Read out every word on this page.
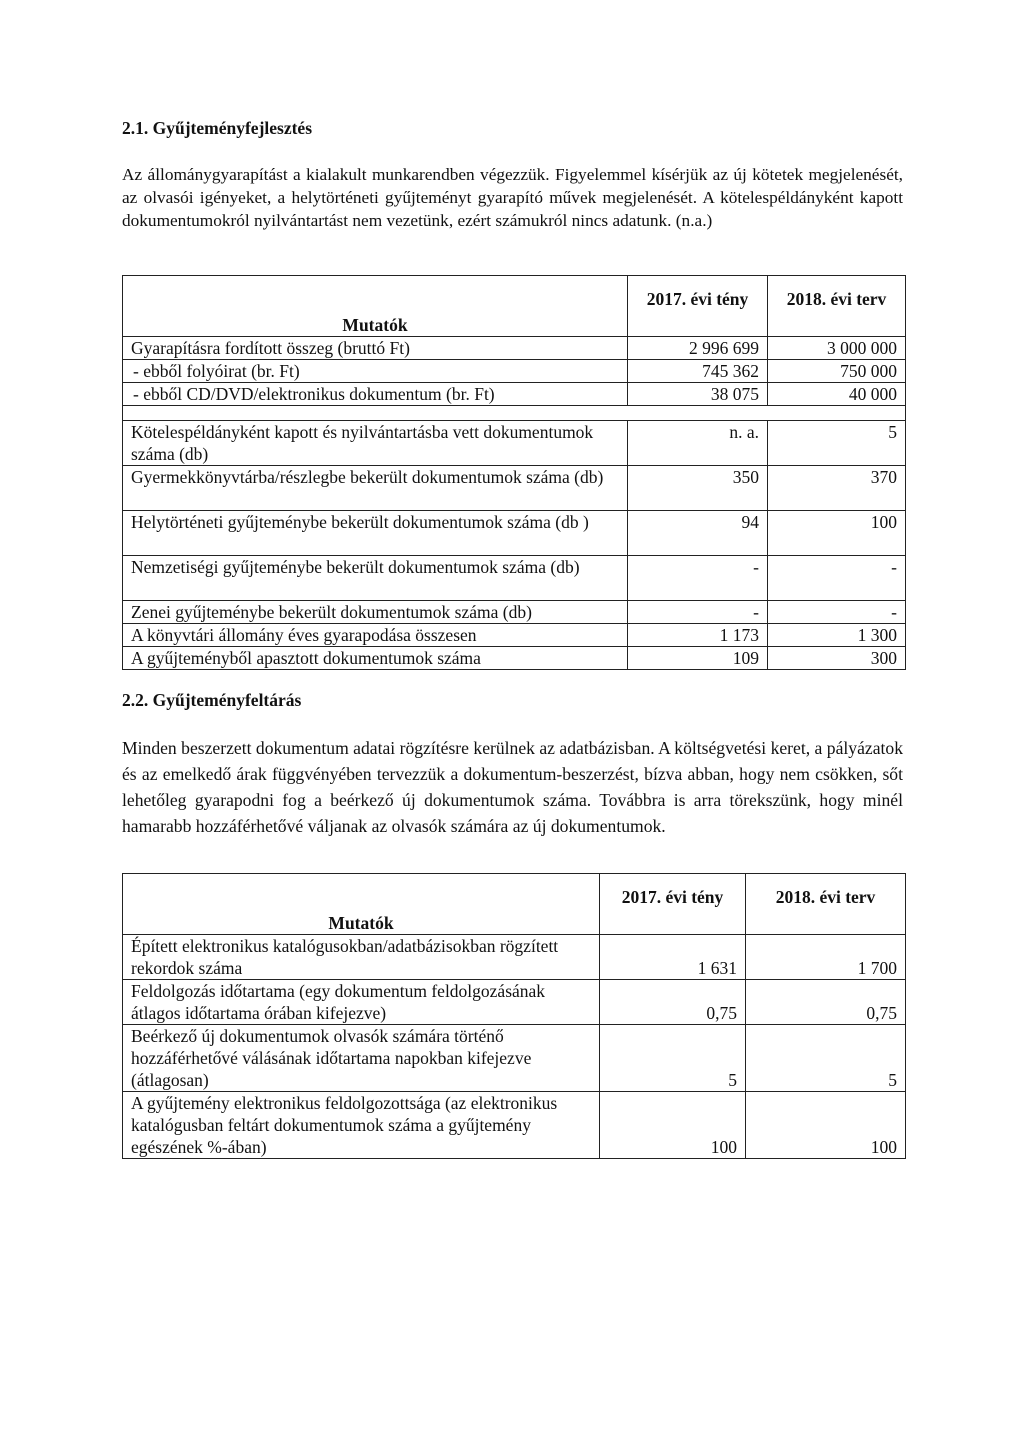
2.1. Gyűjteményfejlesztés

Az állománygyarapítást a kialakult munkarendben végezzük. Figyelemmel kísérjük az új kötetek megjelenését, az olvasói igényeket, a helytörténeti gyűjteményt gyarapító művek megjelenését. A kötelespéldányként kapott dokumentumokról nyilvántartást nem vezetünk, ezért számukról nincs adatunk. (n.a.)

Mutatók	2017. évi tény	2018. évi terv
Gyarapításra fordított összeg (bruttó Ft)	2 996 699	3 000 000
- ebből folyóirat (br. Ft)	745 362	750 000
- ebből CD/DVD/elektronikus dokumentum (br. Ft)	38 075	40 000

Kötelespéldányként kapott és nyilvántartásba vett dokumentumok száma (db)	n. a.	5
Gyermekkönyvtárba/részlegbe bekerült dokumentumok száma (db)	350	370
Helytörténeti gyűjteménybe bekerült dokumentumok száma (db )	94	100
Nemzetiségi gyűjteménybe bekerült dokumentumok száma (db)	-	-
Zenei gyűjteménybe bekerült dokumentumok száma (db)	-	-
A könyvtári állomány éves gyarapodása összesen	1 173	1 300
A gyűjteményből apasztott dokumentumok száma	109	300
2.2. Gyűjteményfeltárás

Minden beszerzett dokumentum adatai rögzítésre kerülnek az adatbázisban. A költségvetési keret, a pályázatok és az emelkedő árak függvényében tervezzük a dokumentum-beszerzést, bízva abban, hogy nem csökken, sőt lehetőleg gyarapodni fog a beérkező új dokumentumok száma. Továbbra is arra törekszünk, hogy minél hamarabb hozzáférhetővé váljanak az olvasók számára az új dokumentumok.

Mutatók	2017. évi tény	2018. évi terv
Épített elektronikus katalógusokban/adatbázisokban rögzített rekordok száma	1 631	1 700
Feldolgozás időtartama (egy dokumentum feldolgozásának átlagos időtartama órában kifejezve)	0,75	0,75
Beérkező új dokumentumok olvasók számára történő hozzáférhetővé válásának időtartama napokban kifejezve (átlagosan)	5	5
A gyűjtemény elektronikus feldolgozottsága (az elektronikus katalógusban feltárt dokumentumok száma a gyűjtemény egészének %-ában)	100	100
